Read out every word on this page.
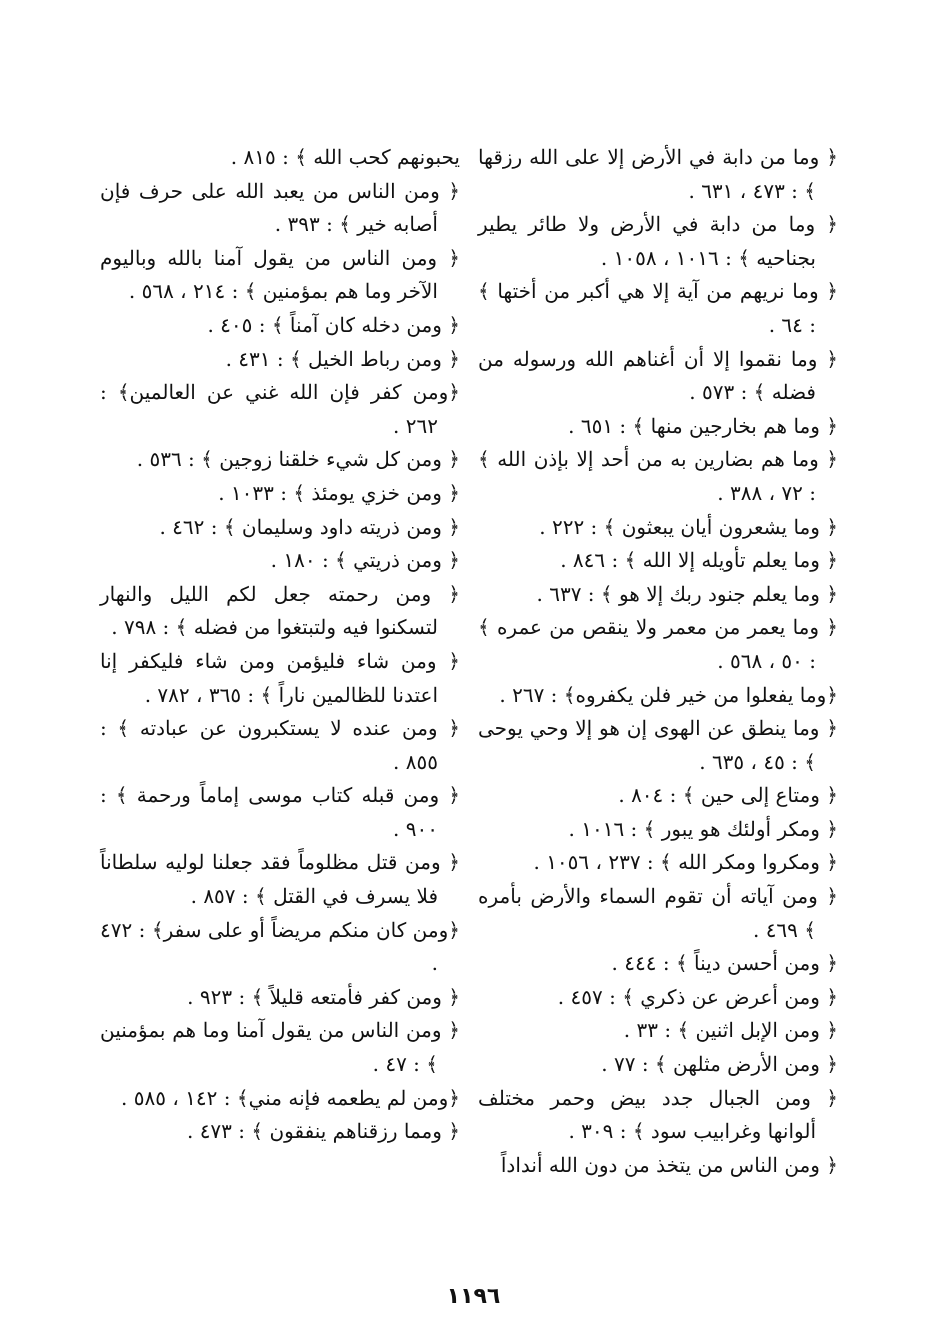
﴿ وما من دابة في الأرض إلا على الله رزقها ﴾ : ٤٧٣ ، ٦٣١ .

﴿ وما من دابة في الأرض ولا طائر يطير بجناحيه ﴾ : ١٠١٦ ، ١٠٥٨ .

﴿ وما نريهم من آية إلا هي أكبر من أختها ﴾ : ٦٤ .

﴿ وما نقموا إلا أن أغناهم الله ورسوله من فضله ﴾ : ٥٧٣ .

﴿ وما هم بخارجين منها ﴾ : ٦٥١ .

﴿ وما هم بضارين به من أحد إلا بإذن الله ﴾ : ٧٢ ، ٣٨٨ .

﴿ وما يشعرون أيان يبعثون ﴾ : ٢٢٢ .

﴿ وما يعلم تأويله إلا الله ﴾ : ٨٤٦ .

﴿ وما يعلم جنود ربك إلا هو ﴾ : ٦٣٧ .

﴿ وما يعمر من معمر ولا ينقص من عمره ﴾ : ٥٠ ، ٥٦٨ .

﴿وما يفعلوا من خير فلن يكفروه﴾ : ٢٦٧ .

﴿ وما ينطق عن الهوى إن هو إلا وحي يوحى ﴾ : ٤٥ ، ٦٣٥ .

﴿ ومتاع إلى حين ﴾ : ٨٠٤ .

﴿ ومكر أولئك هو يبور ﴾ : ١٠١٦ .

﴿ ومكروا ومكر الله ﴾ : ٢٣٧ ، ١٠٥٦ .

﴿ ومن آياته أن تقوم السماء والأرض بأمره ﴾ ٤٦٩ .

﴿ ومن أحسن ديناً ﴾ : ٤٤٤ .

﴿ ومن أعرض عن ذكري ﴾ : ٤٥٧ .

﴿ ومن الإبل اثنين ﴾ : ٣٣ .

﴿ ومن الأرض مثلهن ﴾ : ٧٧ .

﴿ ومن الجبال جدد بيض وحمر مختلف ألوانها وغرابيب سود ﴾ : ٣٠٩ .

﴿ ومن الناس من يتخذ من دون الله أنداداً

يحبونهم كحب الله ﴾ : ٨١٥ .

﴿ ومن الناس من يعبد الله على حرف فإن أصابه خير ﴾ : ٣٩٣ .

﴿ ومن الناس من يقول آمنا بالله وباليوم الآخر وما هم بمؤمنين ﴾ : ٢١٤ ، ٥٦٨ .

﴿ ومن دخله كان آمناً ﴾ : ٤٠٥ .

﴿ ومن رباط الخيل ﴾ : ٤٣١ .

﴿ومن كفر فإن الله غني عن العالمين﴾ : ٢٦٢ .

﴿ ومن كل شيء خلقنا زوجين ﴾ : ٥٣٦ .

﴿ ومن خزي يومئذ ﴾ : ١٠٣٣ .

﴿ ومن ذريته داود وسليمان ﴾ : ٤٦٢ .

﴿ ومن ذريتي ﴾ : ١٨٠ .

﴿ ومن رحمته جعل لكم الليل والنهار لتسكنوا فيه ولتبتغوا من فضله ﴾ : ٧٩٨ .

﴿ ومن شاء فليؤمن ومن شاء فليكفر إنا اعتدنا للظالمين ناراً ﴾ : ٣٦٥ ، ٧٨٢ .

﴿ ومن عنده لا يستكبرون عن عبادته ﴾ : ٨٥٥ .

﴿ ومن قبله كتاب موسى إماماً ورحمة ﴾ : ٩٠٠ .

﴿ ومن قتل مظلوماً فقد جعلنا لوليه سلطاناً فلا يسرف في القتل ﴾ : ٨٥٧ .

﴿ومن كان منكم مريضاً أو على سفر﴾ : ٤٧٢ .

﴿ ومن كفر فأمتعه قليلاً ﴾ : ٩٢٣ .

﴿ ومن الناس من يقول آمنا وما هم بمؤمنين ﴾ : ٤٧ .

﴿ومن لم يطعمه فإنه مني﴾ : ١٤٢ ، ٥٨٥ .

﴿ ومما رزقناهم ينفقون ﴾ : ٤٧٣ .

١١٩٦
